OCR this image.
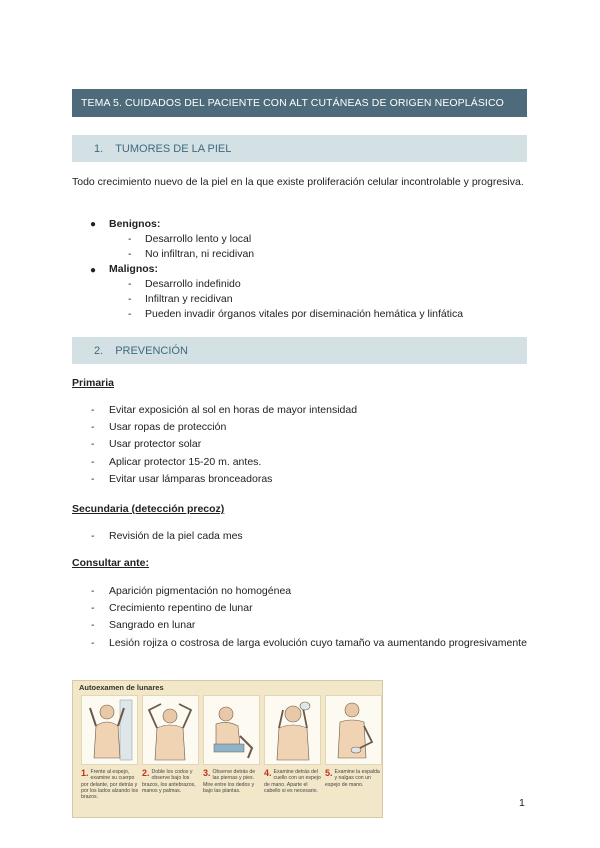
TEMA 5. CUIDADOS DEL PACIENTE CON ALT CUTÁNEAS DE ORIGEN NEOPLÁSICO
1. TUMORES DE LA PIEL
Todo crecimiento nuevo de la piel en la que existe proliferación celular incontrolable y progresiva.
● Benignos:
- Desarrollo lento y local
- No infiltran, ni recidivan
● Malignos:
- Desarrollo indefinido
- Infiltran y recidivan
- Pueden invadir órganos vitales por diseminación hemática y linfática
2. PREVENCIÓN
Primaria
- Evitar exposición al sol en horas de mayor intensidad
- Usar ropas de protección
- Usar protector solar
- Aplicar protector 15-20 m. antes.
- Evitar usar lámparas bronceadoras
Secundaria (detección precoz)
- Revisión de la piel cada mes
Consultar ante:
- Aparición pigmentación no homogénea
- Crecimiento repentino de lunar
- Sangrado en lunar
- Lesión rojiza o costrosa de larga evolución cuyo tamaño va aumentando progresivamente
Autoexamen de lunares
1. Frente al espejo, examine su cuerpo por delante, por detrás y por los lados alzando los brazos.
2. Doble los codos y observe bajo los brazos, los antebrazos, manos y palmas.
3. Observe detrás de las piernas y pies. Mire entre los dedos y bajo las plantas.
4. Examine detrás del cuello con un espejo de mano. Aparte el cabello si es necesario.
5. Examine la espalda y nalgas con un espejo de mano.
1
